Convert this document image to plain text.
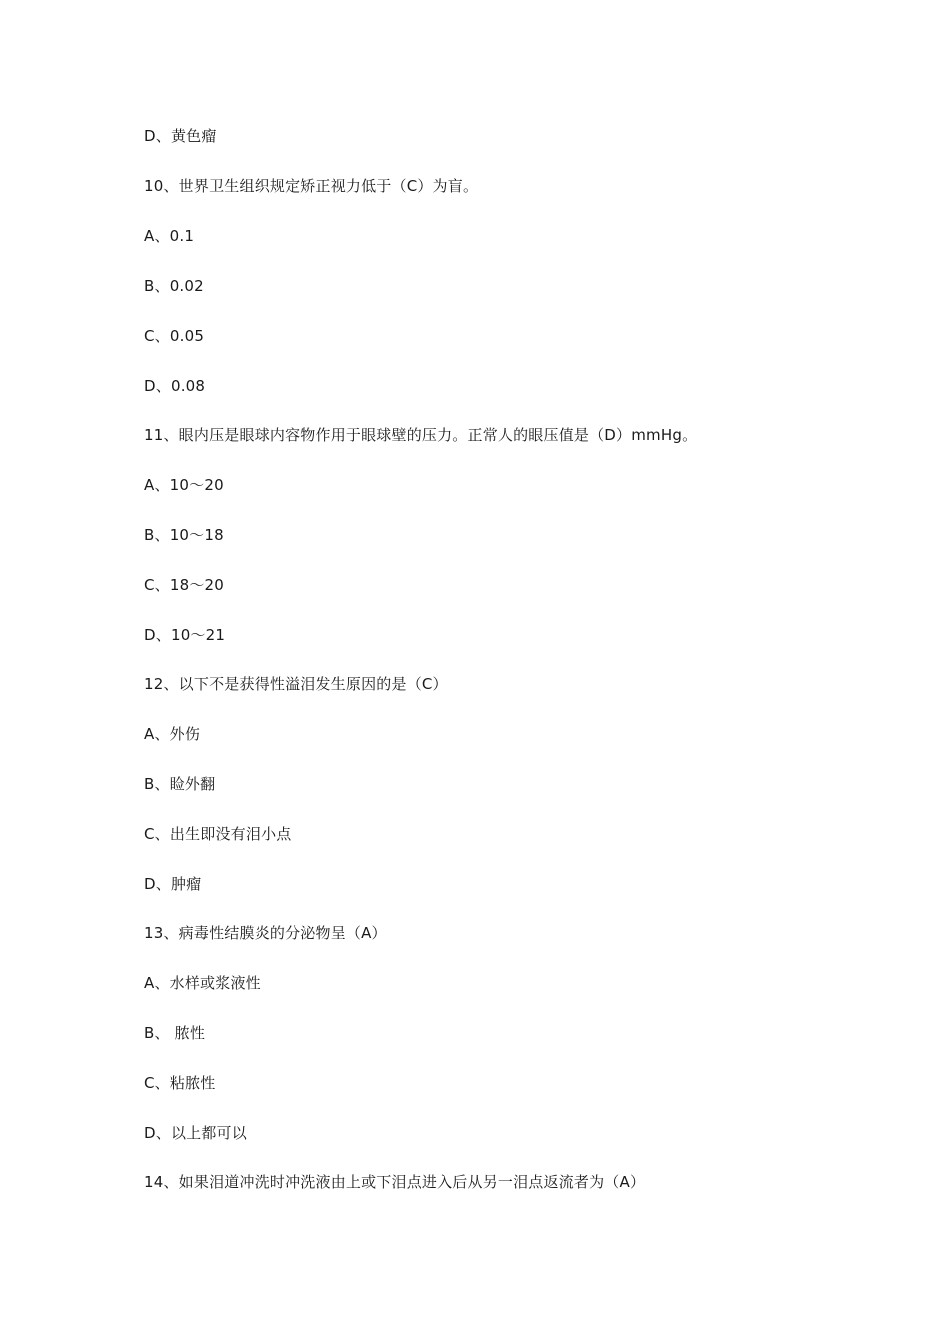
D、黄色瘤
10、世界卫生组织规定矫正视力低于（C）为盲。
A、0.1
B、0.02
C、0.05
D、0.08
11、眼内压是眼球内容物作用于眼球壁的压力。正常人的眼压值是（D）mmHg。
A、10～20
B、10～18
C、18～20
D、10～21
12、以下不是获得性溢泪发生原因的是（C）
A、外伤
B、睑外翻
C、出生即没有泪小点
D、肿瘤
13、病毒性结膜炎的分泌物呈（A）
A、水样或浆液性
B、 脓性
C、粘脓性
D、以上都可以
14、如果泪道冲洗时冲洗液由上或下泪点进入后从另一泪点返流者为（A）
